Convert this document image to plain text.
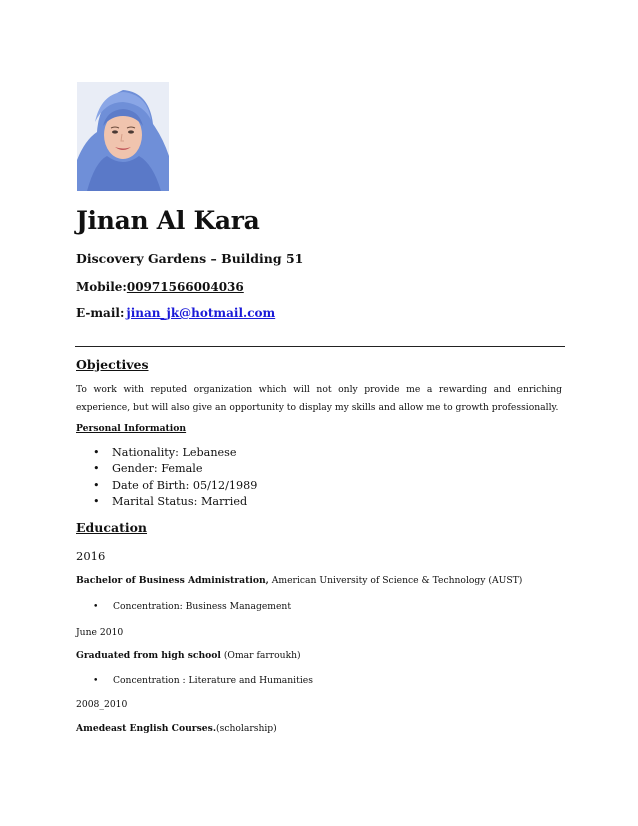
Jinan Al Kara
Discovery Gardens – Building 51
Mobile:00971566004036
E-mail: jinan_jk@hotmail.com
Objectives

To work with reputed organization which will not only provide me a rewarding and enriching experience, but will also give an opportunity to display my skills and allow me to growth professionally.

Personal Information
• Nationality: Lebanese
• Gender: Female
• Date of Birth: 05/12/1989
• Marital Status: Married
Education
2016
Bachelor of Business Administration, American University of Science & Technology (AUST)
• Concentration: Business Management
June 2010
Graduated from high school (Omar farroukh)
• Concentration : Literature and Humanities
2008_2010
Amedeast English Courses.(scholarship)
